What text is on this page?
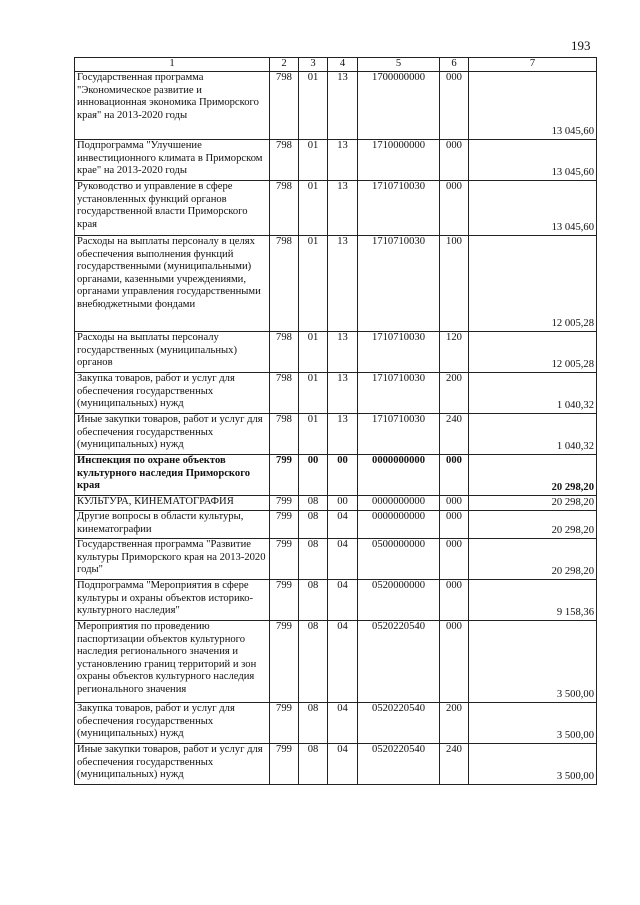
193
1	2	3	4	5	6	7
Государственная программа "Экономическое развитие и инновационная экономика Приморского края" на 2013-2020 годы	798	01	13	1700000000	000	13 045,60
Подпрограмма "Улучшение инвестиционного климата в Приморском крае" на 2013-2020 годы	798	01	13	1710000000	000	13 045,60
Руководство и управление в сфере установленных функций органов государственной власти Приморского края	798	01	13	1710710030	000	13 045,60
Расходы на выплаты персоналу в целях обеспечения выполнения функций государственными (муниципальными) органами, казенными учреждениями, органами управления государственными внебюджетными фондами	798	01	13	1710710030	100	12 005,28
Расходы на выплаты персоналу государственных (муниципальных) органов	798	01	13	1710710030	120	12 005,28
Закупка товаров, работ и услуг для обеспечения государственных (муниципальных) нужд	798	01	13	1710710030	200	1 040,32
Иные закупки товаров, работ и услуг для обеспечения государственных (муниципальных) нужд	798	01	13	1710710030	240	1 040,32
Инспекция по охране объектов культурного наследия Приморского края	799	00	00	0000000000	000	20 298,20
КУЛЬТУРА, КИНЕМАТОГРАФИЯ	799	08	00	0000000000	000	20 298,20
Другие вопросы в области культуры, кинематографии	799	08	04	0000000000	000	20 298,20
Государственная программа "Развитие культуры Приморского края на 2013-2020 годы"	799	08	04	0500000000	000	20 298,20
Подпрограмма "Мероприятия в сфере культуры и охраны объектов историко-культурного наследия"	799	08	04	0520000000	000	9 158,36
Мероприятия по проведению паспортизации объектов культурного наследия регионального значения и установлению границ территорий и зон охраны объектов культурного наследия регионального значения	799	08	04	0520220540	000	3 500,00
Закупка товаров, работ и услуг для обеспечения государственных (муниципальных) нужд	799	08	04	0520220540	200	3 500,00
Иные закупки товаров, работ и услуг для обеспечения государственных (муниципальных) нужд	799	08	04	0520220540	240	3 500,00
